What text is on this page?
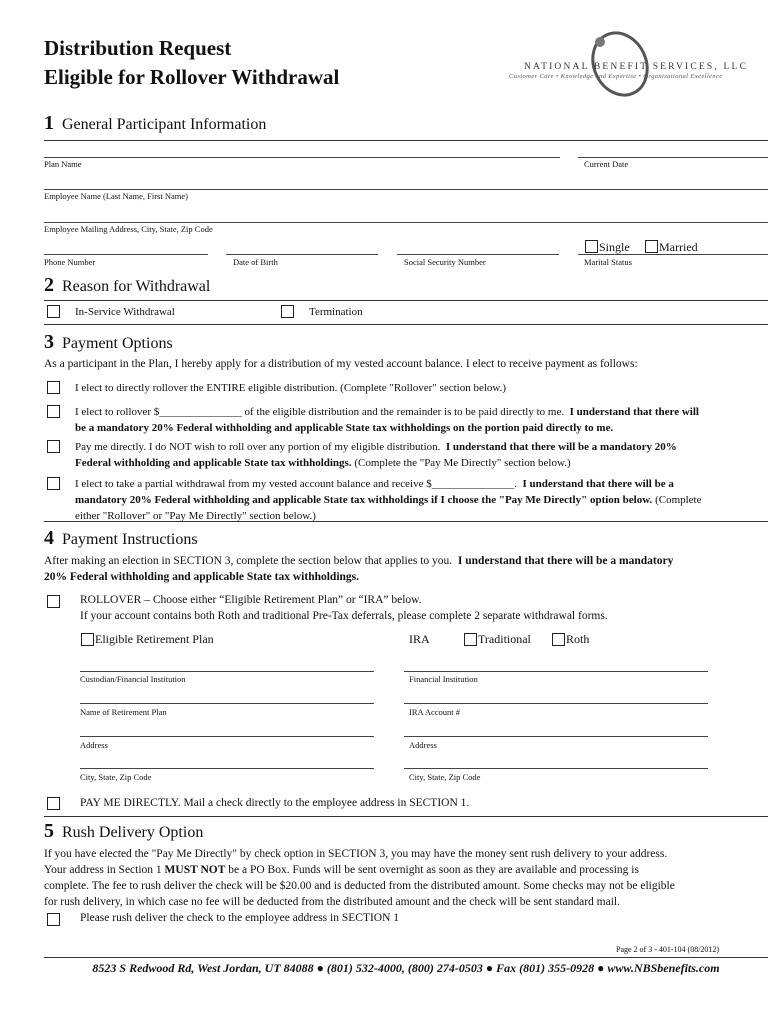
Distribution Request
Eligible for Rollover Withdrawal	NATIONAL BENEFIT SERVICES, LLC
Customer Care • Knowledge and Expertise • Organizational Excellence
1 General Participant Information
Plan Name	Current Date
Employee Name (Last Name, First Name)
Employee Mailing Address, City, State, Zip Code
Phone Number	Date of Birth	Social Security Number
Single Married
Marital Status
2 Reason for Withdrawal
In-Service Withdrawal	Termination
3 Payment Options
As a participant in the Plan, I hereby apply for a distribution of my vested account balance. I elect to receive payment as follows:
I elect to directly rollover the ENTIRE eligible distribution. (Complete "Rollover" section below.)
I elect to rollover $_______________ of the eligible distribution and the remainder is to be paid directly to me. I understand that there will
be a mandatory 20% Federal withholding and applicable State tax withholdings on the portion paid directly to me.
Pay me directly. I do NOT wish to roll over any portion of my eligible distribution. I understand that there will be a mandatory 20%
Federal withholding and applicable State tax withholdings. (Complete the "Pay Me Directly" section below.)
I elect to take a partial withdrawal from my vested account balance and receive $_______________. I understand that there will be a
mandatory 20% Federal withholding and applicable State tax withholdings if I choose the "Pay Me Directly" option below. (Complete
either "Rollover" or "Pay Me Directly" section below.)
4 Payment Instructions
After making an election in SECTION 3, complete the section below that applies to you. I understand that there will be a mandatory
20% Federal withholding and applicable State tax withholdings.
ROLLOVER – Choose either “Eligible Retirement Plan” or “IRA” below.
If your account contains both Roth and traditional Pre-Tax deferrals, please complete 2 separate withdrawal forms.
Eligible Retirement Plan	IRA	Traditional	Roth
Custodian/Financial Institution	Financial Institution
Name of Retirement Plan	IRA Account #
Address	Address
City, State, Zip Code	City, State, Zip Code
PAY ME DIRECTLY. Mail a check directly to the employee address in SECTION 1.
5 Rush Delivery Option
If you have elected the "Pay Me Directly" by check option in SECTION 3, you may have the money sent rush delivery to your address.
Your address in Section 1 MUST NOT be a PO Box. Funds will be sent overnight as soon as they are available and processing is
complete. The fee to rush deliver the check will be $20.00 and is deducted from the distributed amount. Some checks may not be eligible
for rush delivery, in which case no fee will be deducted from the distributed amount and the check will be sent standard mail.
Please rush deliver the check to the employee address in SECTION 1
Page 2 of 3 - 401-104 (08/2012)
8523 S Redwood Rd, West Jordan, UT 84088 ● (801) 532-4000, (800) 274-0503 ● Fax (801) 355-0928 ● www.NBSbenefits.com
